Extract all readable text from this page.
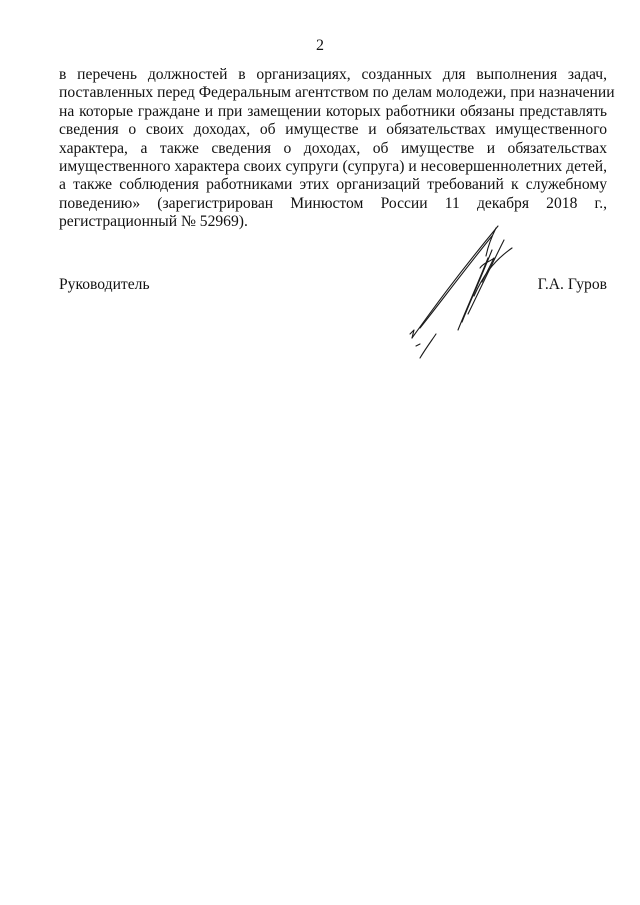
2
в перечень должностей в организациях, созданных для выполнения задач,
поставленных перед Федеральным агентством по делам молодежи, при назначении
на которые граждане и при замещении которых работники обязаны представлять
сведения о своих доходах, об имуществе и обязательствах имущественного
характера, а также сведения о доходах, об имуществе и обязательствах
имущественного характера своих супруги (супруга) и несовершеннолетних детей,
а также соблюдения работниками этих организаций требований к служебному
поведению» (зарегистрирован Минюстом России 11 декабря 2018 г.,
регистрационный № 52969).
Руководитель	Г.А. Гуров
